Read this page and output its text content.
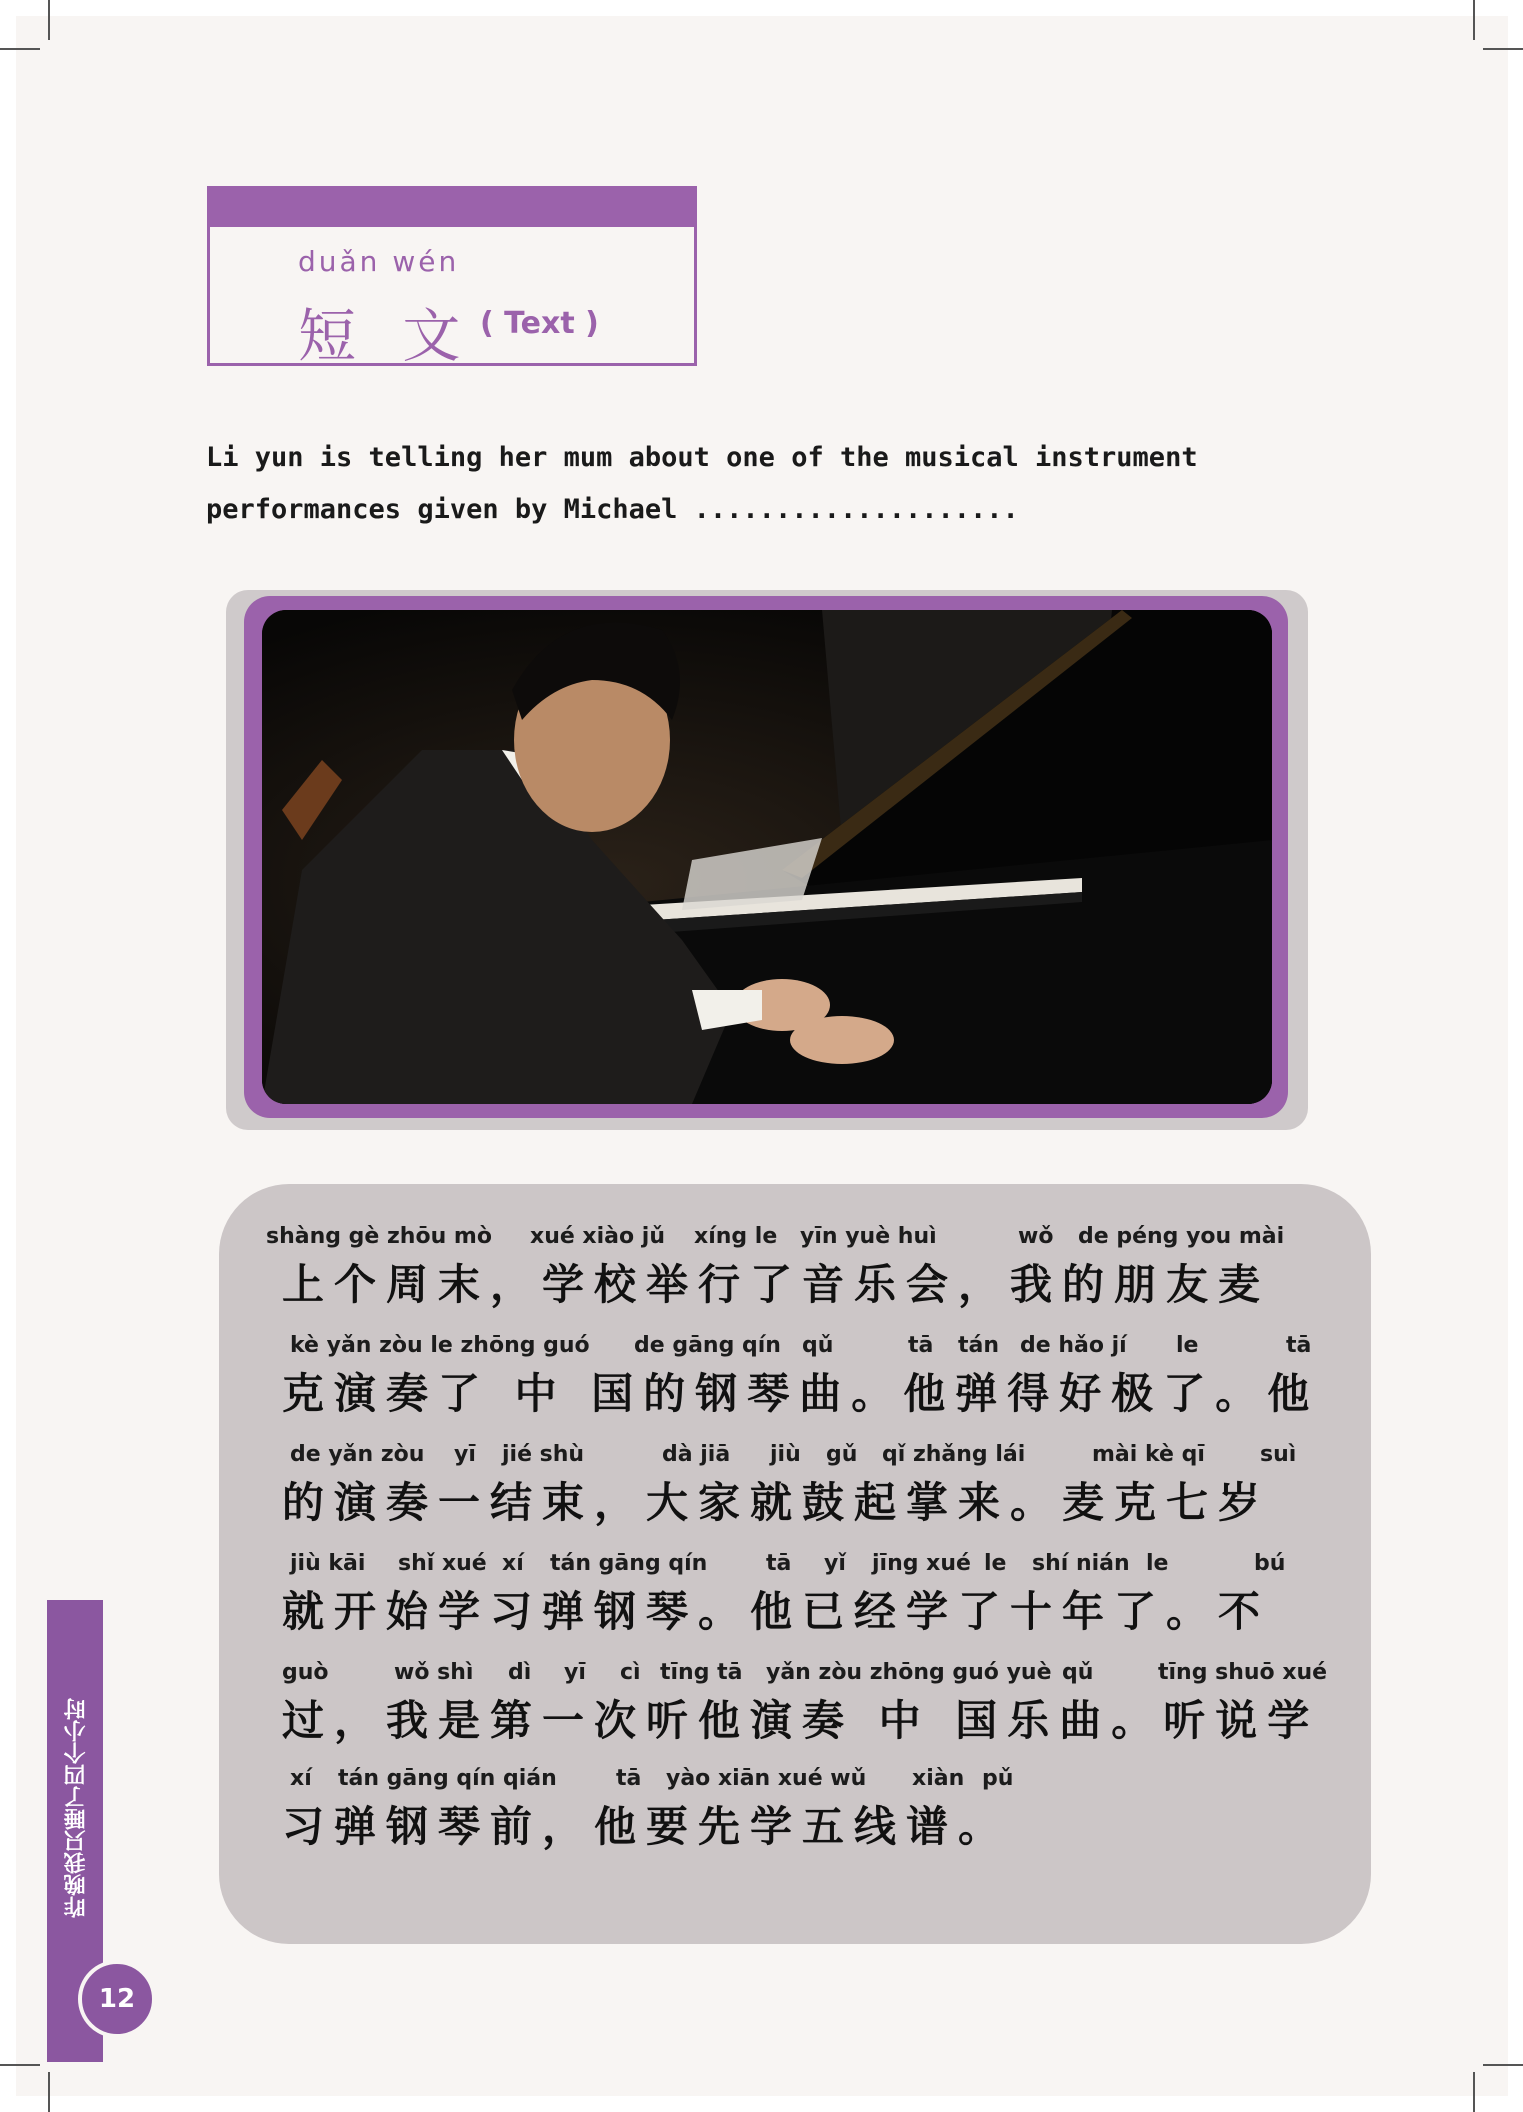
duǎn wén
短 文 ( Text )
Li yun is telling her mum about one of the musical instrument
performances given by Michael ....................
shàng gè zhōu mò xué xiào jǔ xíng le yīn yuè huì	wǒ de péng you mài
上个周末，学校举行了音乐会，我的朋友麦
kè yǎn zòu le zhōng guó de gāng qín qǔ	tā tán de hǎo jí le	tā
克演奏了 中 国的钢琴曲。他弹得好极了。他
de yǎn zòu yī jié shù	dà jiā jiù gǔ qǐ zhǎng lái	mài kè qī	suì
的演奏一结束，大家就鼓起掌来。麦克七岁
jiù kāi shǐ xué xí tán gāng qín	tā yǐ jīng xué le shí nián le	bú
就开始学习弹钢琴。他已经学了十年了。不
guò	wǒ shì dì yī cì tīng tā yǎn zòu zhōng guó yuè qǔ	tīng shuō xué
过，我是第一次听他演奏 中 国乐曲。听说学
xí tán gāng qín qián	tā yào xiān xué wǔ xiàn pǔ
习弹钢琴前，他要先学五线谱。
昨晚我只睡了四个小时
12
